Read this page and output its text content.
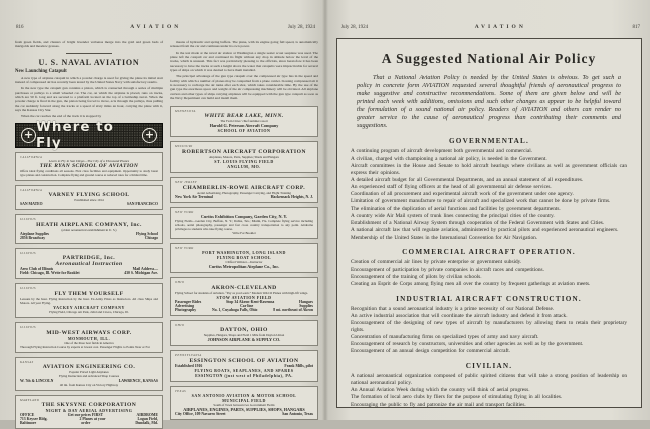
816	AVIATION	July 28, 1924

fresh green fields, and clusters of bright lavender verbenas merge into the gold and green beds of marigolds and meadow grasses.

U. S. NAVAL AVIATION
New Launching Catapult

A new type of airplane catapult in which a powder charge is used for giving the plane its initial start instead of compressed air has recently been tested by the United States Navy with satisfactory results.

In the new type the catapult gun contains a piston, which is connected through a series of multiple purchases or pulleys to a small wheeled car. The car, on which the airplane is placed, runs on tracks, which are 50 ft. long and are secured to a platform located on the top of a battleship turret. When the powder charge is fired in the gun, the piston being forced to move, acts through the pulleys, thus pulling the car suddenly forward along the tracks at a speed of sixty miles an hour, carrying the plane with it, says the Kansas City Star.

When the car reaches the end of the track it is stopped by

+ Where to Fly
+
CALIFORNIA
Learn to Fly in San Diego—The City of a Thousand Planes
THE RYAN SCHOOL OF AVIATION
Offers ideal flying conditions all seasons. First class facilities and equipment. Opportunity to study latest type planes and construction. Complete flying and ground course at reduced rates for a limited time.
CALIFORNIA
VARNEY FLYING SCHOOL
Established since 1914
SAN MATEO	SAN FRANCISCO
ILLINOIS
HEATH AIRPLANE COMPANY, Inc.
(oldest aeronautical establishment in U. S.)
Airplane Supplies	Flying School
2856 Broadway	Chicago
ILLINOIS
PARTRIDGE, Inc.
Aeronautical Instruction
Aero Club of Illinois	Mail Address—
Field: Chicago, Ill. Write for Booklet	430 S. Michigan Ave.
ILLINOIS
FLY THEM YOURSELF
Lessons by the hour. Flying Instruction by the hour. Ex-Army Pilots as Instructors. All class Ships and Motors. All year Flying.
YACKEY AIRCRAFT COMPANY
Flying Field, Chicago Air Park, 22nd and Cicero, Chicago, Ill.
ILLINOIS
MID-WEST AIRWAYS CORP.
MONMOUTH, ILL.
One of the three best fields in America
Thorough Flying Instruction Course by experts at lowest cost. Passenger Flights to Points Near or Far
KANSAS
AVIATION ENGINEERING CO.
Popular Priced Light Airplanes
Flying Instruction and Advanced Shop Courses
W. 7th & LINCOLN	LAWRENCE, KANSAS
40 mi. from Kansas City on Victory Highway
MARYLAND
THE SKYSYNE CORPORATION
NIGHT & DAY AERIAL ADVERTISING
OFFICE	Get our prices FIRST	AIRDROME
713 Keyser Bldg.	2 Planes at your	Logan Field,
Baltimore	order	Dundalk, Md.

means of hydraulic and spring buffers. The plane, with its engine going full speed, is automatically released from the car and continues under its own power.

In the test made at the naval air station at Washington a single seater scout seaplane was used. The plane left the catapult car and continued its flight without any drop in altitude below the level of the tracks, which is unusual. This fact was particularly pleasing to the officials, since heretofore it has been necessary to have the tracks at such a height above the water that catapults were impracticable for several types of ships on which it was desired to have them installed.

The principal advantage of the gun type catapult over the compressed air type lies in the speed and facility with which a number of planes may be catapulted from a plane carrier. In using compressed air it is necessary to recharge the air tanks after each shot, which takes considerable time. By the use of the gun type the enormous space and weight of the air compressing machinery will be obviated. All airplane carriers and other types of ships carrying airplanes will be equipped with the gun type catapult as soon as the Navy Department can build and install them.

MINNESOTA
WHITE BEAR LAKE, MINN.
The Twin Cities’ chief summer resort
Harold G. Peterson Aircraft Company
SCHOOL OF AVIATION
MISSOURI
ROBERTSON AIRCRAFT CORPORATION
Airplanes, Motors, Parts, Supplies; Sheds and Hangars
ST. LOUIS FLYING FIELD
ANGLUM, MO.
NEW JERSEY
CHAMBERLIN-ROWE AIRCRAFT CORP.
Aerial Advertising, Photography, Passenger Carrying, and Flight Training
New York Air Terminal	Hackensack Heights, N. J.
NEW YORK
Curtiss Exhibition Company, Garden City, N. Y.
Flying Fields—Garden City, Buffalo, N. Y.; Dallas, Tex.; Miami, Fla. Complete flying service including schools, aerial photography, passenger and fast cross country transportation to any point. Airdrome privileges to students who take flying course.
Write For Booklet
NEW YORK
PORT WASHINGTON, LONG ISLAND
FLYING BOAT SCHOOL
Clifford Webster—Instructor
Curtiss Metropolitan Airplane Co., Inc.
OHIO
AKRON-CLEVELAND
Flying School for students of Aviation. “Pay as you Learn.” Modern WACO Planes with high-lift wings.
STOW AVIATION FIELD
Passenger Rides	Stop 34 Akron-Kent-Ravenna	Hangars
Advertising	Car line	Supplies
Photography	No. 1, Cuyahoga Falls, Ohio	8 mi. northeast of Akron
OHIO
DAYTON, OHIO
Supplies, Hangars, Shops and Field 1 Mile from Dayton Union
JOHNSON AIRPLANE & SUPPLY CO.
PENNSYLVANIA
ESSINGTON SCHOOL OF AVIATION
Established 1916	Frank Mills, pilot
FLYING BOATS, SEAPLANES, AND SPARES
ESSINGTON (just west of Philadelphia), PA.
TEXAS
SAN ANTONIO AVIATION & MOTOR SCHOOL
MUNICIPAL FIELD
South of Town between two Government Fields
AIRPLANES, ENGINES, PARTS, SUPPLIES, SHOPS, HANGARS
City Office, 109 Navarro Street	San Antonio, Texas
July 28, 1924	AVIATION	817
A Suggested National Air Policy

That a National Aviation Policy is needed by the United States is obvious. To get such a policy in concrete form AVIATION requested several thoughtful friends of aeronautical progress to make suggestive and constructive recommendations. Some of them are given below and will be printed each week with additions, omissions and such other changes as appear to be helpful toward the formulation of a sound national air policy. Readers of AVIATION and others can render no greater service to the cause of aeronautical progress than contributing their comments and suggestions.

GOVERNMENTAL.

A continuing program of aircraft development both governmental and commercial.

A civilian, charged with championing a national air policy, is needed in the Government.

Aircraft committees in the House and Senate to hold aircraft hearings where civilians as well as government officials can express their opinions.

A detailed aircraft budget for all Governmental Departments, and an annual statement of all expenditures.

An experienced staff of flying officers at the head of all governmental air defense services.

Coordination of all procurement and experimental aircraft work of the government under one agency.

Limitation of government manufacture to repair of aircraft and specialized work that cannot be done by private firms.

The elimination of the duplication of aerial functions and facilities by government departments.

A country wide Air Mail system of trunk lines connecting the principal cities of the country.

Establishment of a National Airway System through cooperation of the Federal Government with States and Cities.

A national aircraft law that will regulate aviation, administered by practical pilots and experienced aeronautical engineers.

Membership of the United States in the International Convention for Air Navigation.

COMMERCIAL AIRCRAFT OPERATION.

Creation of commercial air lines by private enterprise or government subsidy.

Encouragement of participation by private companies in aircraft races and competitions.

Encouragement of the training of pilots by civilian schools.

Creating an Esprit de Corps among flying men all over the country by frequent gatherings at aviation meets.

INDUSTRIAL AIRCRAFT CONSTRUCTION.

Recognition that a sound aeronautical industry is a prime necessity of our National Defense.

An active industrial association that will coordinate the aircraft industry and defend it from attack.

Encouragement of the designing of new types of aircraft by manufacturers by allowing them to retain their proprietary rights.

Concentration of manufacturing firms on specialized types of army and navy aircraft.

Encouragement of research by constructors, universities and other agencies as well as by the government.

Encouragement of an annual design competition for commercial aircraft.

CIVILIAN.

A national aeronautical organization composed of public spirited citizens that will take a strong position of leadership on national aeronautical policy.

An Annual Aviation Week during which the country will think of aerial progress.

The formation of local aero clubs by fliers for the purpose of stimulating flying in all localities.

Encouraging the public to fly and patronize the air mail and transport facilities.
